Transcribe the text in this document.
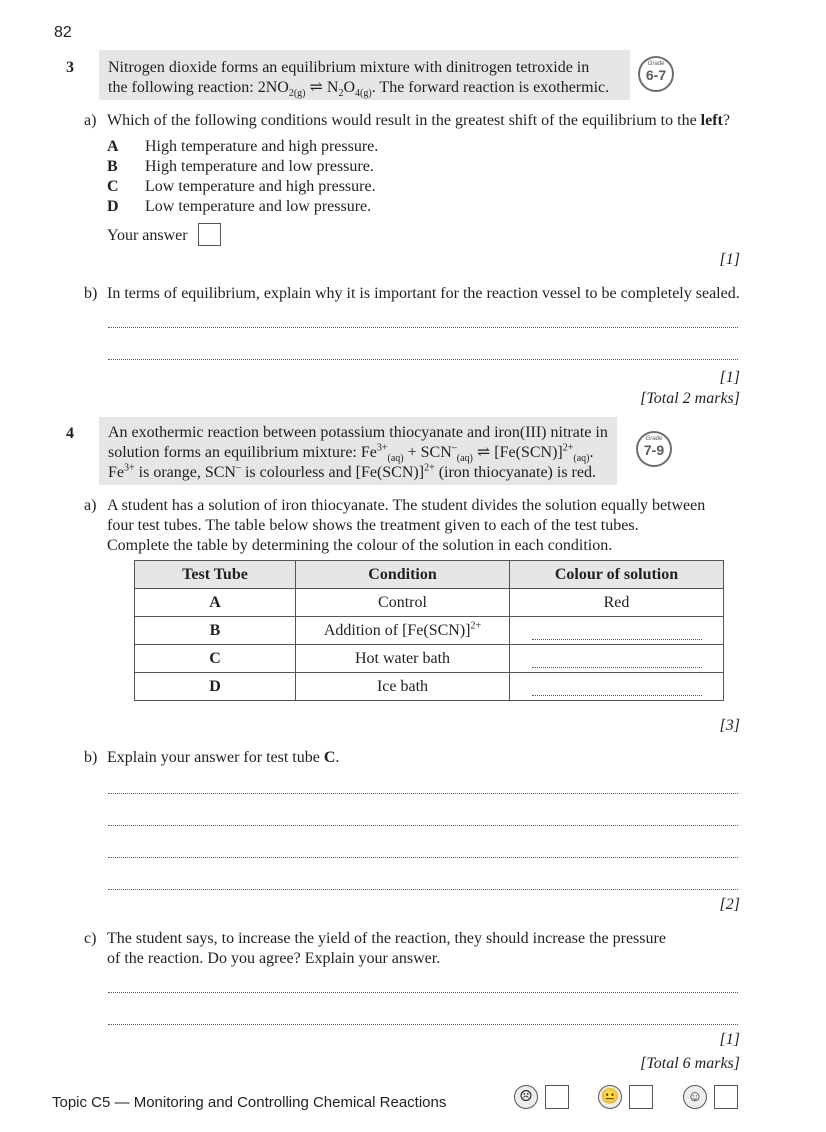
82
3 Nitrogen dioxide forms an equilibrium mixture with dinitrogen tetroxide in
the following reaction: $2NO_{2(g)}$ ⇌ $N_2O_{4(g)}$. The forward reaction is exothermic.
Grade
6-7
a) Which of the following conditions would result in the greatest shift of the equilibrium to the left?
A High temperature and high pressure.
B High temperature and low pressure.
C Low temperature and high pressure.
D Low temperature and low pressure.
Your answer
[1]
b) In terms of equilibrium, explain why it is important for the reaction vessel to be completely sealed.
[1]
[Total 2 marks]
4 An exothermic reaction between potassium thiocyanate and iron(III) nitrate in
solution forms an equilibrium mixture: $Fe^{3+}_{(aq)} + SCN^-_{(aq)}$ ⇌ $[Fe(SCN)]^{2+}_{(aq)}$.
$Fe^{3+}$ is orange, SCN– is colourless and $[Fe(SCN)]^{2+}$ (iron thiocyanate) is red.
Grade
7-9
a) A student has a solution of iron thiocyanate. The student divides the solution equally between
four test tubes. The table below shows the treatment given to each of the test tubes.
Complete the table by determining the colour of the solution in each condition.
Test Tube	Condition	Colour of solution
A	Control	Red
B	Addition of $[Fe(SCN)]^{2+}$	
C	Hot water bath	
D	Ice bath	
[3]
b) Explain your answer for test tube C.
[2]
c) The student says, to increase the yield of the reaction, they should increase the pressure
of the reaction. Do you agree? Explain your answer.
[1]
[Total 6 marks]
Topic C5 — Monitoring and Controlling Chemical Reactions	☹	😐	☺
